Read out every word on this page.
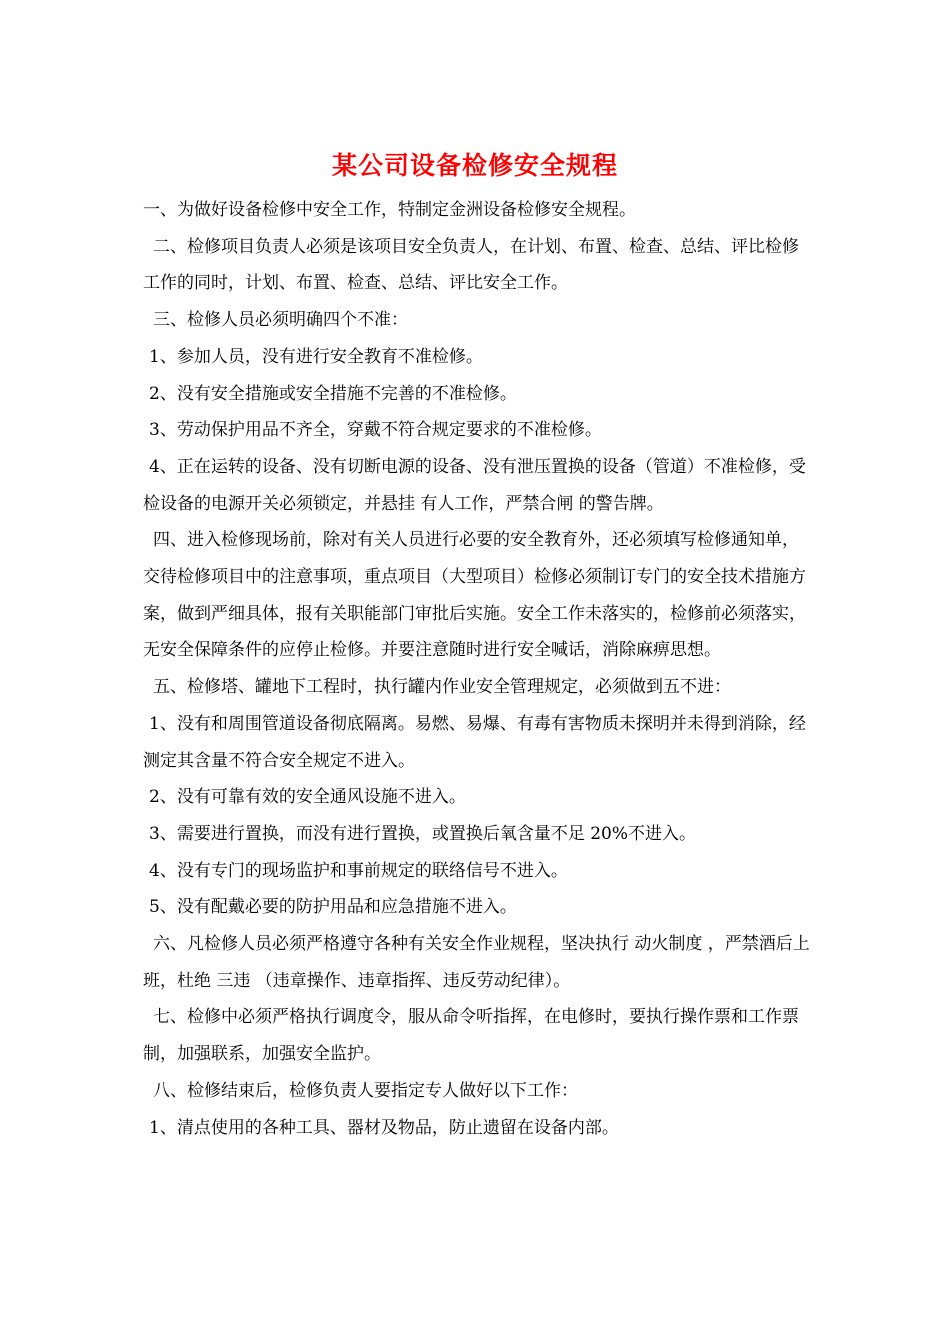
某公司设备检修安全规程

一、为做好设备检修中安全工作，特制定金洲设备检修安全规程。

二、检修项目负责人必须是该项目安全负责人，在计划、布置、检查、总结、评比检修工作的同时，计划、布置、检查、总结、评比安全工作。

三、检修人员必须明确四个不准：

1、参加人员，没有进行安全教育不准检修。

2、没有安全措施或安全措施不完善的不准检修。

3、劳动保护用品不齐全，穿戴不符合规定要求的不准检修。

4、正在运转的设备、没有切断电源的设备、没有泄压置换的设备（管道）不准检修，受检设备的电源开关必须锁定，并悬挂 有人工作，严禁合闸 的警告牌。

四、进入检修现场前，除对有关人员进行必要的安全教育外，还必须填写检修通知单，交待检修项目中的注意事项，重点项目（大型项目）检修必须制订专门的安全技术措施方案，做到严细具体，报有关职能部门审批后实施。安全工作未落实的，检修前必须落实，无安全保障条件的应停止检修。并要注意随时进行安全喊话，消除麻痹思想。

五、检修塔、罐地下工程时，执行罐内作业安全管理规定，必须做到五不进：

1、没有和周围管道设备彻底隔离。易燃、易爆、有毒有害物质未探明并未得到消除，经测定其含量不符合安全规定不进入。

2、没有可靠有效的安全通风设施不进入。

3、需要进行置换，而没有进行置换，或置换后氧含量不足 20%不进入。

4、没有专门的现场监护和事前规定的联络信号不进入。

5、没有配戴必要的防护用品和应急措施不进入。

六、凡检修人员必须严格遵守各种有关安全作业规程，坚决执行 动火制度 ，严禁酒后上班，杜绝 三违 （违章操作、违章指挥、违反劳动纪律）。

七、检修中必须严格执行调度令，服从命令听指挥，在电修时，要执行操作票和工作票制，加强联系，加强安全监护。

八、检修结束后，检修负责人要指定专人做好以下工作：

1、清点使用的各种工具、器材及物品，防止遗留在设备内部。
